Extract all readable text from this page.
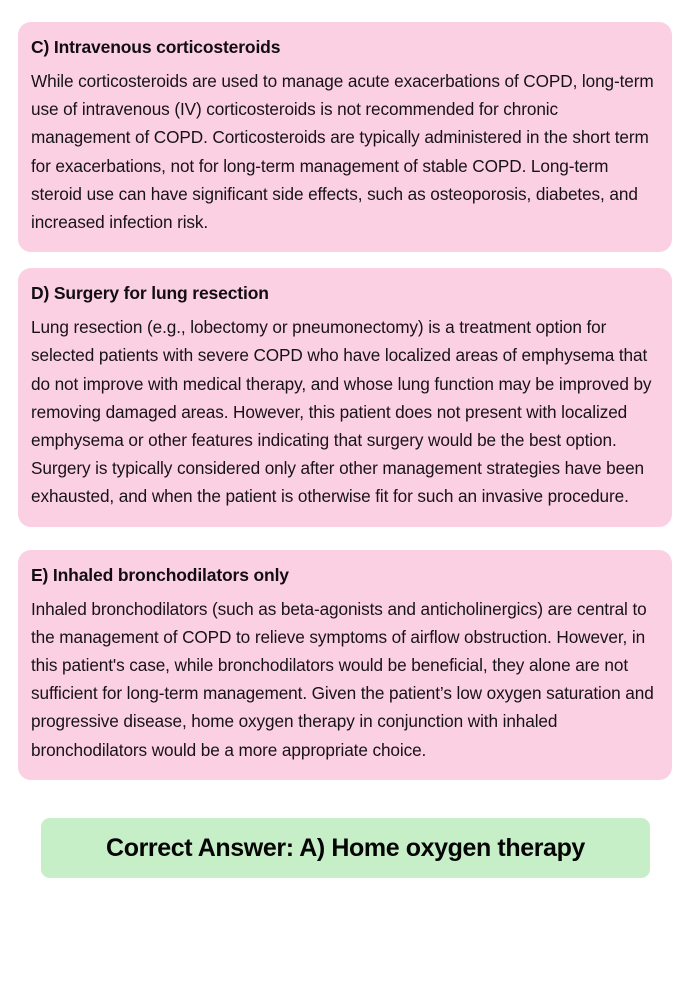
C) Intravenous corticosteroids
While corticosteroids are used to manage acute exacerbations of COPD, long-term use of intravenous (IV) corticosteroids is not recommended for chronic management of COPD. Corticosteroids are typically administered in the short term for exacerbations, not for long-term management of stable COPD. Long-term steroid use can have significant side effects, such as osteoporosis, diabetes, and increased infection risk.
D) Surgery for lung resection
Lung resection (e.g., lobectomy or pneumonectomy) is a treatment option for selected patients with severe COPD who have localized areas of emphysema that do not improve with medical therapy, and whose lung function may be improved by removing damaged areas. However, this patient does not present with localized emphysema or other features indicating that surgery would be the best option. Surgery is typically considered only after other management strategies have been exhausted, and when the patient is otherwise fit for such an invasive procedure.
E) Inhaled bronchodilators only
Inhaled bronchodilators (such as beta-agonists and anticholinergics) are central to the management of COPD to relieve symptoms of airflow obstruction. However, in this patient's case, while bronchodilators would be beneficial, they alone are not sufficient for long-term management. Given the patient’s low oxygen saturation and progressive disease, home oxygen therapy in conjunction with inhaled bronchodilators would be a more appropriate choice.
Correct Answer: A) Home oxygen therapy
